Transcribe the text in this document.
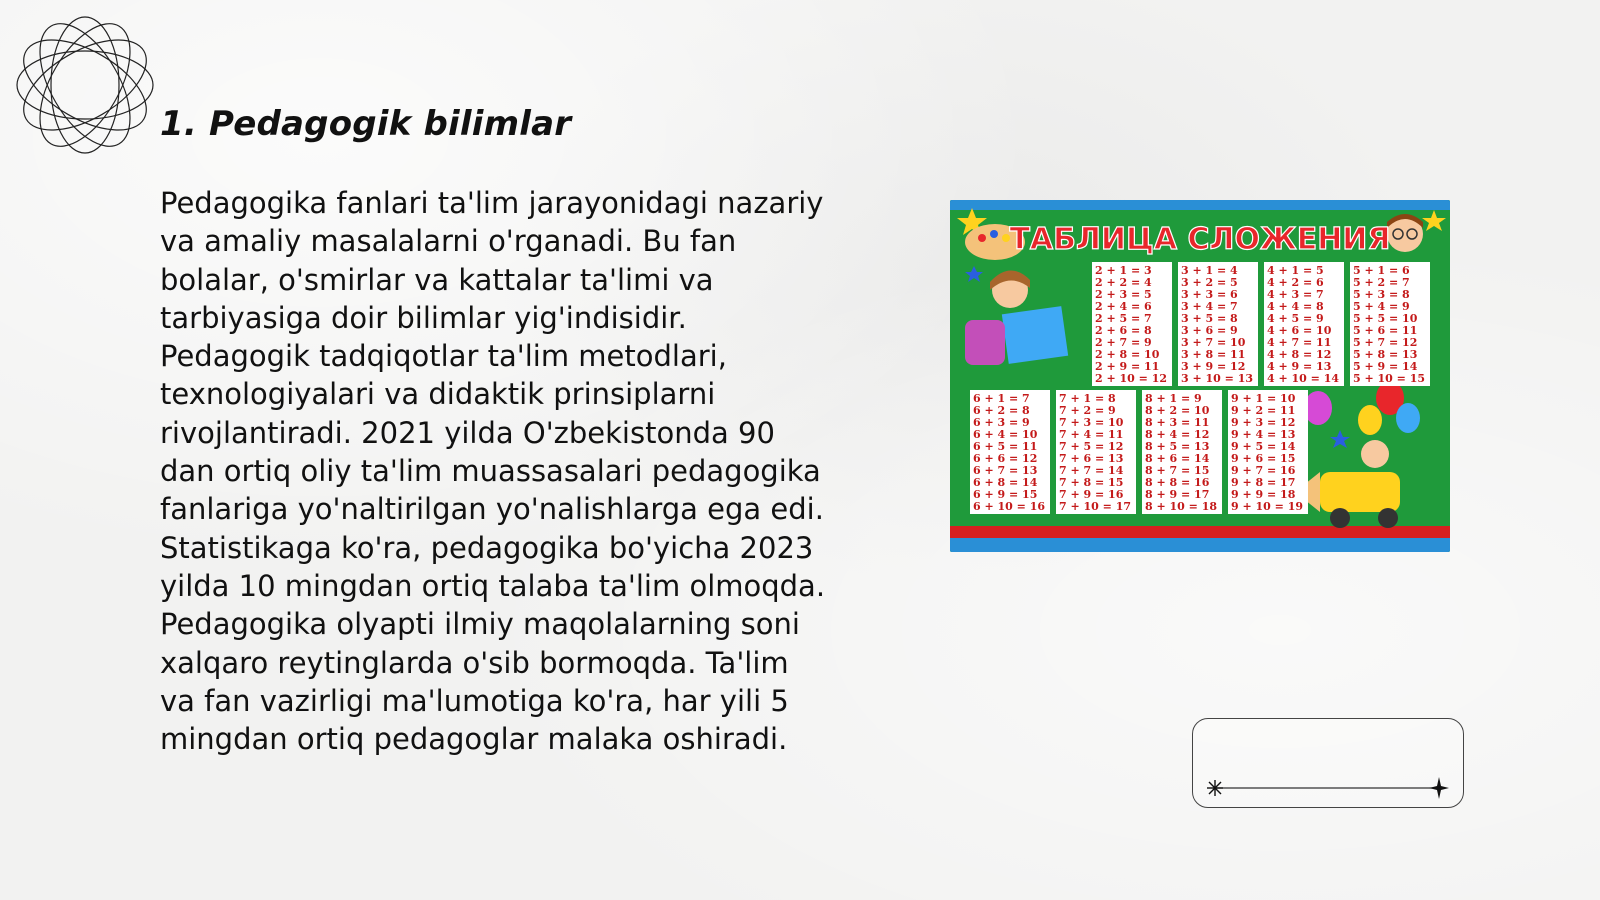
1. Pedagogik bilimlar

Pedagogika fanlari ta'lim jarayonidagi nazariy va amaliy masalalarni o'rganadi. Bu fan bolalar, o'smirlar va kattalar ta'limi va tarbiyasiga doir bilimlar yig'indisidir. Pedagogik tadqiqotlar ta'lim metodlari, texnologiyalari va didaktik prinsiplarni rivojlantiradi. 2021 yilda O'zbekistonda 90 dan ortiq oliy ta'lim muassasalari pedagogika fanlariga yo'naltirilgan yo'nalishlarga ega edi. Statistikaga ko'ra, pedagogika bo'yicha 2023 yilda 10 mingdan ortiq talaba ta'lim olmoqda. Pedagogika olyapti ilmiy maqolalarning soni xalqaro reytinglarda o'sib bormoqda. Ta'lim va fan vazirligi ma'lumotiga ko'ra, har yili 5 mingdan ortiq pedagoglar malaka oshiradi.

ТАБЛИЦА СЛОЖЕНИЯ
2 + 1 = 3
2 + 2 = 4
2 + 3 = 5
2 + 4 = 6
2 + 5 = 7
2 + 6 = 8
2 + 7 = 9
2 + 8 = 10
2 + 9 = 11
2 + 10 = 12
3 + 1 = 4
3 + 2 = 5
3 + 3 = 6
3 + 4 = 7
3 + 5 = 8
3 + 6 = 9
3 + 7 = 10
3 + 8 = 11
3 + 9 = 12
3 + 10 = 13
4 + 1 = 5
4 + 2 = 6
4 + 3 = 7
4 + 4 = 8
4 + 5 = 9
4 + 6 = 10
4 + 7 = 11
4 + 8 = 12
4 + 9 = 13
4 + 10 = 14
5 + 1 = 6
5 + 2 = 7
5 + 3 = 8
5 + 4 = 9
5 + 5 = 10
5 + 6 = 11
5 + 7 = 12
5 + 8 = 13
5 + 9 = 14
5 + 10 = 15
6 + 1 = 7
6 + 2 = 8
6 + 3 = 9
6 + 4 = 10
6 + 5 = 11
6 + 6 = 12
6 + 7 = 13
6 + 8 = 14
6 + 9 = 15
6 + 10 = 16
7 + 1 = 8
7 + 2 = 9
7 + 3 = 10
7 + 4 = 11
7 + 5 = 12
7 + 6 = 13
7 + 7 = 14
7 + 8 = 15
7 + 9 = 16
7 + 10 = 17
8 + 1 = 9
8 + 2 = 10
8 + 3 = 11
8 + 4 = 12
8 + 5 = 13
8 + 6 = 14
8 + 7 = 15
8 + 8 = 16
8 + 9 = 17
8 + 10 = 18
9 + 1 = 10
9 + 2 = 11
9 + 3 = 12
9 + 4 = 13
9 + 5 = 14
9 + 6 = 15
9 + 7 = 16
9 + 8 = 17
9 + 9 = 18
9 + 10 = 19
